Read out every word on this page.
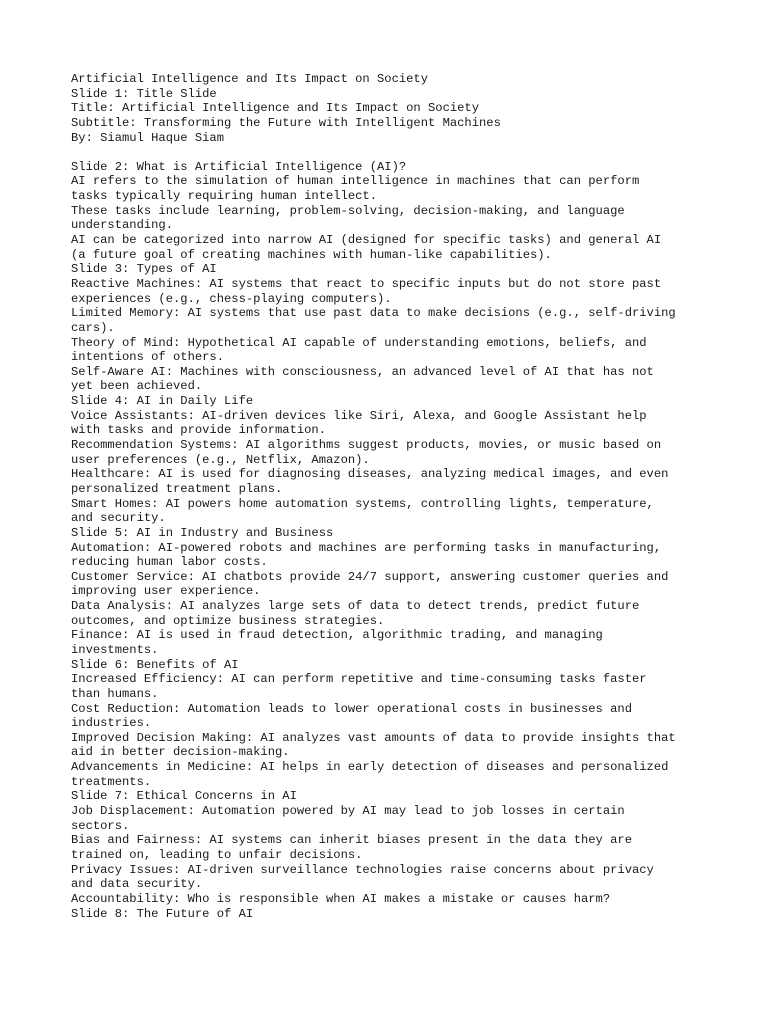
Artificial Intelligence and Its Impact on Society
Slide 1: Title Slide
Title: Artificial Intelligence and Its Impact on Society
Subtitle: Transforming the Future with Intelligent Machines
By: Siamul Haque Siam
Slide 2: What is Artificial Intelligence (AI)?
AI refers to the simulation of human intelligence in machines that can perform
tasks typically requiring human intellect.
These tasks include learning, problem-solving, decision-making, and language
understanding.
AI can be categorized into narrow AI (designed for specific tasks) and general AI
(a future goal of creating machines with human-like capabilities).
Slide 3: Types of AI
Reactive Machines: AI systems that react to specific inputs but do not store past
experiences (e.g., chess-playing computers).
Limited Memory: AI systems that use past data to make decisions (e.g., self-driving
cars).
Theory of Mind: Hypothetical AI capable of understanding emotions, beliefs, and
intentions of others.
Self-Aware AI: Machines with consciousness, an advanced level of AI that has not
yet been achieved.
Slide 4: AI in Daily Life
Voice Assistants: AI-driven devices like Siri, Alexa, and Google Assistant help
with tasks and provide information.
Recommendation Systems: AI algorithms suggest products, movies, or music based on
user preferences (e.g., Netflix, Amazon).
Healthcare: AI is used for diagnosing diseases, analyzing medical images, and even
personalized treatment plans.
Smart Homes: AI powers home automation systems, controlling lights, temperature,
and security.
Slide 5: AI in Industry and Business
Automation: AI-powered robots and machines are performing tasks in manufacturing,
reducing human labor costs.
Customer Service: AI chatbots provide 24/7 support, answering customer queries and
improving user experience.
Data Analysis: AI analyzes large sets of data to detect trends, predict future
outcomes, and optimize business strategies.
Finance: AI is used in fraud detection, algorithmic trading, and managing
investments.
Slide 6: Benefits of AI
Increased Efficiency: AI can perform repetitive and time-consuming tasks faster
than humans.
Cost Reduction: Automation leads to lower operational costs in businesses and
industries.
Improved Decision Making: AI analyzes vast amounts of data to provide insights that
aid in better decision-making.
Advancements in Medicine: AI helps in early detection of diseases and personalized
treatments.
Slide 7: Ethical Concerns in AI
Job Displacement: Automation powered by AI may lead to job losses in certain
sectors.
Bias and Fairness: AI systems can inherit biases present in the data they are
trained on, leading to unfair decisions.
Privacy Issues: AI-driven surveillance technologies raise concerns about privacy
and data security.
Accountability: Who is responsible when AI makes a mistake or causes harm?
Slide 8: The Future of AI
